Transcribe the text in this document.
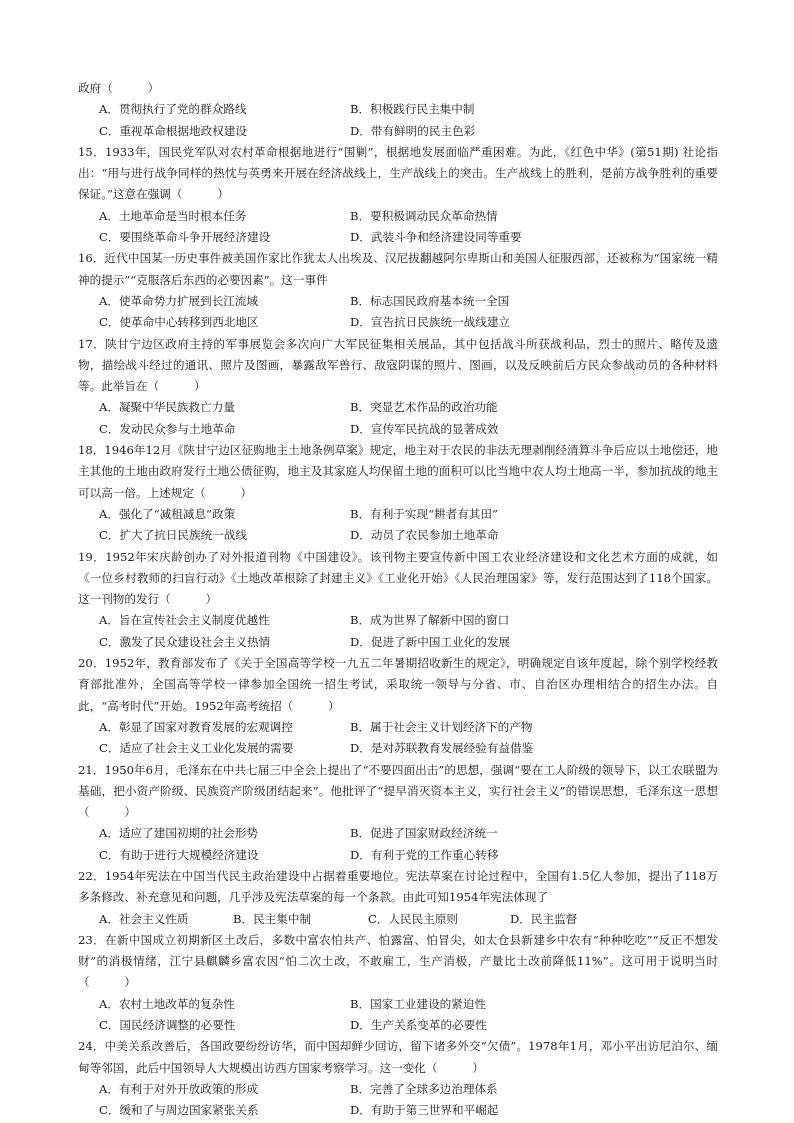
政府（　　　）
A．贯彻执行了党的群众路线	B．积极践行民主集中制
C．重视革命根据地政权建设	D．带有鲜明的民主色彩
15．1933年，国民党军队对农村革命根据地进行“围剿”，根据地发展面临严重困难。为此，《红色中华》(第51期) 社论指出：“用与进行战争同样的热忱与英勇来开展在经济战线上，生产战线上的突击。生产战线上的胜利，是前方战争胜利的重要保证。”这意在强调（　　　）
A．土地革命是当时根本任务	B．要积极调动民众革命热情
C．要围绕革命斗争开展经济建设	D．武装斗争和经济建设同等重要
16．近代中国某一历史事件被美国作家比作犹太人出埃及、汉尼拔翻越阿尔卑斯山和美国人征服西部，还被称为“国家统一精神的提示”“克服落后东西的必要因素”。这一事件
A．使革命势力扩展到长江流域	B．标志国民政府基本统一全国
C．使革命中心转移到西北地区	D．宣告抗日民族统一战线建立
17．陕甘宁边区政府主持的军事展览会多次向广大军民征集相关展品，其中包括战斗所获战利品，烈士的照片、略传及遗物，描绘战斗经过的通讯、照片及图画，暴露敌军兽行、敌寇阴谋的照片、图画，以及反映前后方民众参战动员的各种材料等。此举旨在（　　　）
A．凝聚中华民族救亡力量	B．突显艺术作品的政治功能
C．发动民众参与土地革命	D．宣传军民抗战的显著成效
18．1946年12月《陕甘宁边区征购地主土地条例草案》规定，地主对于农民的非法无理剥削经清算斗争后应以土地偿还，地主其他的土地由政府发行土地公债征购，地主及其家庭人均保留土地的面积可以比当地中农人均土地高一半，参加抗战的地主可以高一倍。上述规定（　　　）
A．强化了“减租减息”政策	B．有利于实现“耕者有其田”
C．扩大了抗日民族统一战线	D．动员了农民参加土地革命
19．1952年宋庆龄创办了对外报道刊物《中国建设》。该刊物主要宣传新中国工农业经济建设和文化艺术方面的成就，如《一位乡村教师的扫盲行动》《土地改革根除了封建主义》《工业化开始》《人民治理国家》等，发行范围达到了118个国家。这一刊物的发行（　　　）
A．旨在宣传社会主义制度优越性	B．成为世界了解新中国的窗口
C．激发了民众建设社会主义热情	D．促进了新中国工业化的发展
20．1952年，教育部发布了《关于全国高等学校一九五二年暑期招收新生的规定》，明确规定自该年度起，除个别学校经教育部批准外，全国高等学校一律参加全国统一招生考试，采取统一领导与分省、市、自治区办理相结合的招生办法。自此，“高考时代”开始。1952年高考统招（　　　）
A．彰显了国家对教育发展的宏观调控	B．属于社会主义计划经济下的产物
C．适应了社会主义工业化发展的需要	D．是对苏联教育发展经验有益借鉴
21．1950年6月，毛泽东在中共七届三中全会上提出了“不要四面出击”的思想，强调“要在工人阶级的领导下，以工农联盟为基础，把小资产阶级、民族资产阶级团结起来”。他批评了“提早消灭资本主义，实行社会主义”的错误思想，毛泽东这一思想（　　　）
A．适应了建国初期的社会形势	B．促进了国家财政经济统一
C．有助于进行大规模经济建设	D．有利于党的工作重心转移
22．1954年宪法在中国当代民主政治建设中占据着重要地位。宪法草案在讨论过程中，全国有1.5亿人参加，提出了118万多条修改、补充意见和问题，几乎涉及宪法草案的每一个条款。由此可知1954年宪法体现了
A．社会主义性质	B．民主集中制	C．人民民主原则	D．民主监督
23．在新中国成立初期新区土改后，多数中富农怕共产、怕露富、怕冒尖，如太仓县新建乡中农有“种种吃吃”“反正不想发财”的消极情绪，江宁县麒麟乡富农因“怕二次土改，不敢雇工，生产消极，产量比土改前降低11%”。这可用于说明当时（　　　）
A．农村土地改革的复杂性	B．国家工业建设的紧迫性
C．国民经济调整的必要性	D．生产关系变革的必要性
24．中美关系改善后，各国政要纷纷访华，而中国却鲜少回访，留下诸多外交“欠债”。1978年1月，邓小平出访尼泊尔、缅甸等邻国，此后中国领导人大规模出访西方国家考察学习。这一变化（　　　）
A．有利于对外开放政策的形成	B．完善了全球多边治理体系
C．缓和了与周边国家紧张关系	D．有助于第三世界和平崛起
